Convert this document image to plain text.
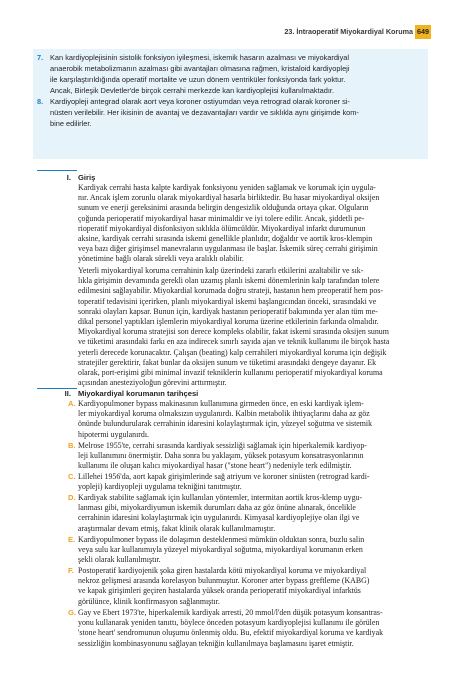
23. İntraoperatif Miyokardiyal Koruma 649
7. Kan kardiyoplejisinin sistolik fonksiyon iyileşmesi, iskemik hasarın azalması ve miyokardiyal
anaerobik metabolizmanın azalması gibi avantajları olmasına rağmen, kristaloid kardiyopleji
ile karşılaştırıldığında operatif mortalite ve uzun dönem ventriküler fonksiyonda fark yoktur.
Ancak, Birleşik Devletler'de birçok cerrahi merkezde kan kardiyoplejisi kullanılmaktadır.
8. Kardiyopleji antegrad olarak aort veya koroner ostiyumdan veya retrograd olarak koroner si-
nüsten verilebilir. Her ikisinin de avantaj ve dezavantajları vardır ve sıklıkla aynı girişimde kom-
bine edilirler.
I. Giriş
Kardiyak cerrahi hasta kalpte kardiyak fonksiyonu yeniden sağlamak ve korumak için uygula-
nır. Ancak işlem zorunlu olarak miyokardiyal hasarla birliktedir. Bu hasar miyokardiyal oksijen
sunum ve enerji gereksinimi arasında belirgin dengesizlik olduğunda ortaya çıkar. Olguların
çoğunda perioperatif miyokardiyal hasar minimaldir ve iyi tolere edilir. Ancak, şiddetli pe-
rioperatif miyokardiyal disfonksiyon sıklıkla ölümcüldür. Miyokardiyal infarkt durumunun
aksine, kardiyak cerrahi sırasında iskemi genellikle planlıdır, doğaldır ve aortik kros-klempin
veya bazı diğer girişimsel manevraların uygulanması ile başlar. İskemik süreç cerrahi girişimin
yönetimine bağlı olarak sürekli veya aralıklı olabilir.
Yeterli miyokardiyal koruma cerrahinin kalp üzerindeki zararlı etkilerini azaltabilir ve sık-
lıkla girişimin devamında gerekli olan uzamış planlı iskemi dönemlerinin kalp tarafından tolere
edilmesini sağlayabilir. Miyokardial korumada doğru strateji, hastanın hem preoperatif hem pos-
toperatif tedavisini içerirken, planlı miyokardiyal iskemi başlangıcından önceki, sırasındaki ve
sonraki olayları kapsar. Bunun için, kardiyak hastanın perioperatif bakımında yer alan tüm me-
dikal personel yaptıkları işlemlerin miyokardiyal koruma üzerine etkilerinin farkında olmalıdır.
Miyokardiyal koruma stratejisi son derece kompleks olabilir, fakat iskemi sırasında oksijen sunum
ve tüketimi arasındaki farkı en aza indirecek sınırlı sayıda ajan ve teknik kullanımı ile birçok hasta
yeterli derecede korunacaktır. Çalışan (beating) kalp cerrahileri miyokardiyal koruma için değişik
stratejiler gerektirir, fakat bunlar da oksijen sunum ve tüketimi arasındaki dengeye dayanır. Ek
olarak, port-erişimi gibi minimal invazif tekniklerin kullanımı perioperatif miyokardiyal koruma
açısından anesteziyoloğun görevini arttırmıştır.
II. Miyokardiyal korumanın tarihçesi
A. Kardiyopulmoner bypass makinasının kullanımına girmeden önce, en eski kardiyak işlem-
ler miyokardiyal koruma olmaksızın uygulanırdı. Kalbin metabolik ihtiyaçlarını daha az göz
önünde bulundurularak cerrahinin idaresini kolaylaştırmak için, yüzeyel soğutma ve sistemik
hipotermi uygulanırdı.
B. Melrose 1955'te, cerrahi sırasında kardiyak sessizliği sağlamak için hiperkalemik kardiyop-
leji kullanımını önermiştir. Daha sonra bu yaklaşım, yüksek potasyum konsatrasyonlarının
kullanımı ile oluşan kalıcı miyokardiyal hasar ("stone heart") nedeniyle terk edilmiştir.
C. Lillehei 1956'da, aort kapak girişimlerinde sağ atriyum ve koroner sinüsten (retrograd kardi-
yopleji) kardiyopleji uygulama tekniğini tanıtmıştır.
D. Kardiyak stabilite sağlamak için kullanılan yöntemler, intermitan aortik kros-klemp uygu-
lanması gibi, miyokardiyumun iskemik durumları daha az göz önüne alınarak, öncelikle
cerrahinin idaresini kolaylaştırmak için uygulanırdı. Kimyasal kardiyoplejiye olan ilgi ve
araştırmalar devam etmiş, fakat klinik olarak kullanılmamıştır.
E. Kardiyopulmoner bypass ile dolaşımın desteklenmesi mümkün olduktan sonra, buzlu salin
veya sulu kar kullanımıyla yüzeyel miyokardiyal soğutma, miyokardiyal korumanın erken
şekli olarak kullanılmıştır.
F. Postoperatif kardiyojenik şoka giren hastalarda kötü miyokardiyal koruma ve miyokardiyal
nekroz gelişmesi arasında korelasyon bulunmuştur. Koroner arter bypass greftleme (KABG)
ve kapak girişimleri geçiren hastalarda yüksek oranda perioperatif miyokardiyal infarktüs
görülünce, klinik konfirmasyon sağlanmıştır.
G. Gay ve Ebert 1973'te, hiperkalemik kardiyak arresti, 20 mmol/l'den düşük potasyum konsantras-
yonu kullanarak yeniden tanıttı, böylece önceden potasyum kardiyoplejisi kullanımı ile görülen
'stone heart' sendromunun oluşumu önlenmiş oldu. Bu, efektif miyokardiyal koruma ve kardiyak
sessizliğin kombinasyonunu sağlayan tekniğin kullanılmaya başlamasını işaret etmiştir.
